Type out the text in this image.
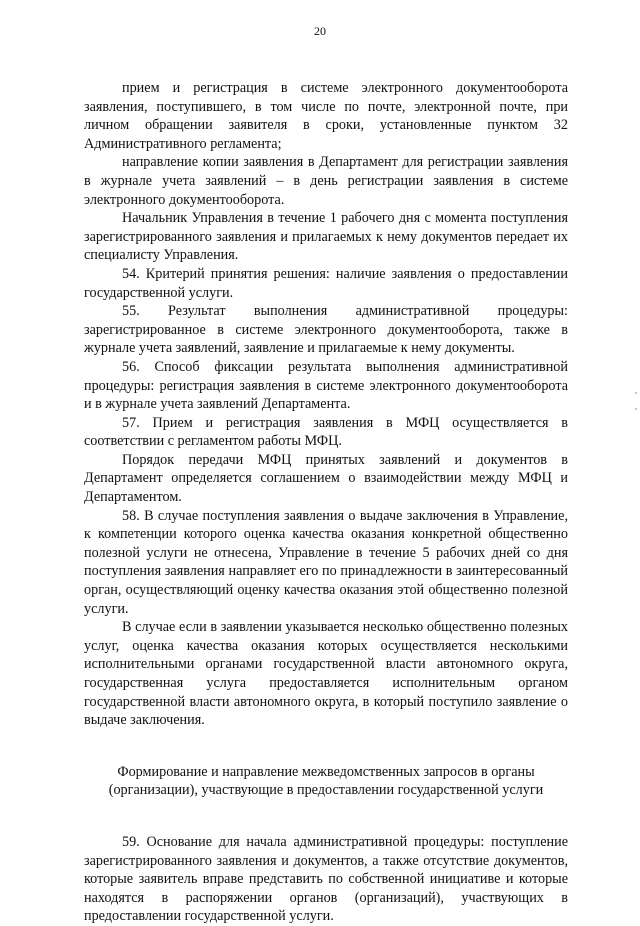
20

прием и регистрация в системе электронного документооборота заявления, поступившего, в том числе по почте, электронной почте, при личном обращении заявителя в сроки, установленные пунктом 32 Административного регламента;

направление копии заявления в Департамент для регистрации заявления в журнале учета заявлений – в день регистрации заявления в системе электронного документооборота.

Начальник Управления в течение 1 рабочего дня с момента поступления зарегистрированного заявления и прилагаемых к нему документов передает их специалисту Управления.

54. Критерий принятия решения: наличие заявления о предоставлении государственной услуги.

55. Результат выполнения административной процедуры: зарегистрированное в системе электронного документооборота, также в журнале учета заявлений, заявление и прилагаемые к нему документы.

56. Способ фиксации результата выполнения административной процедуры: регистрация заявления в системе электронного документооборота и в журнале учета заявлений Департамента.

57. Прием и регистрация заявления в МФЦ осуществляется в соответствии с регламентом работы МФЦ.

Порядок передачи МФЦ принятых заявлений и документов в Департамент определяется соглашением о взаимодействии между МФЦ и Департаментом.

58. В случае поступления заявления о выдаче заключения в Управление, к компетенции которого оценка качества оказания конкретной общественно полезной услуги не отнесена, Управление в течение 5 рабочих дней со дня поступления заявления направляет его по принадлежности в заинтересованный орган, осуществляющий оценку качества оказания этой общественно полезной услуги.

В случае если в заявлении указывается несколько общественно полезных услуг, оценка качества оказания которых осуществляется несколькими исполнительными органами государственной власти автономного округа, государственная услуга предоставляется исполнительным органом государственной власти автономного округа, в который поступило заявление о выдаче заключения.

Формирование и направление межведомственных запросов в органы (организации), участвующие в предоставлении государственной услуги

59. Основание для начала административной процедуры: поступление зарегистрированного заявления и документов, а также отсутствие документов, которые заявитель вправе представить по собственной инициативе и которые находятся в распоряжении органов (организаций), участвующих в предоставлении государственной услуги.
